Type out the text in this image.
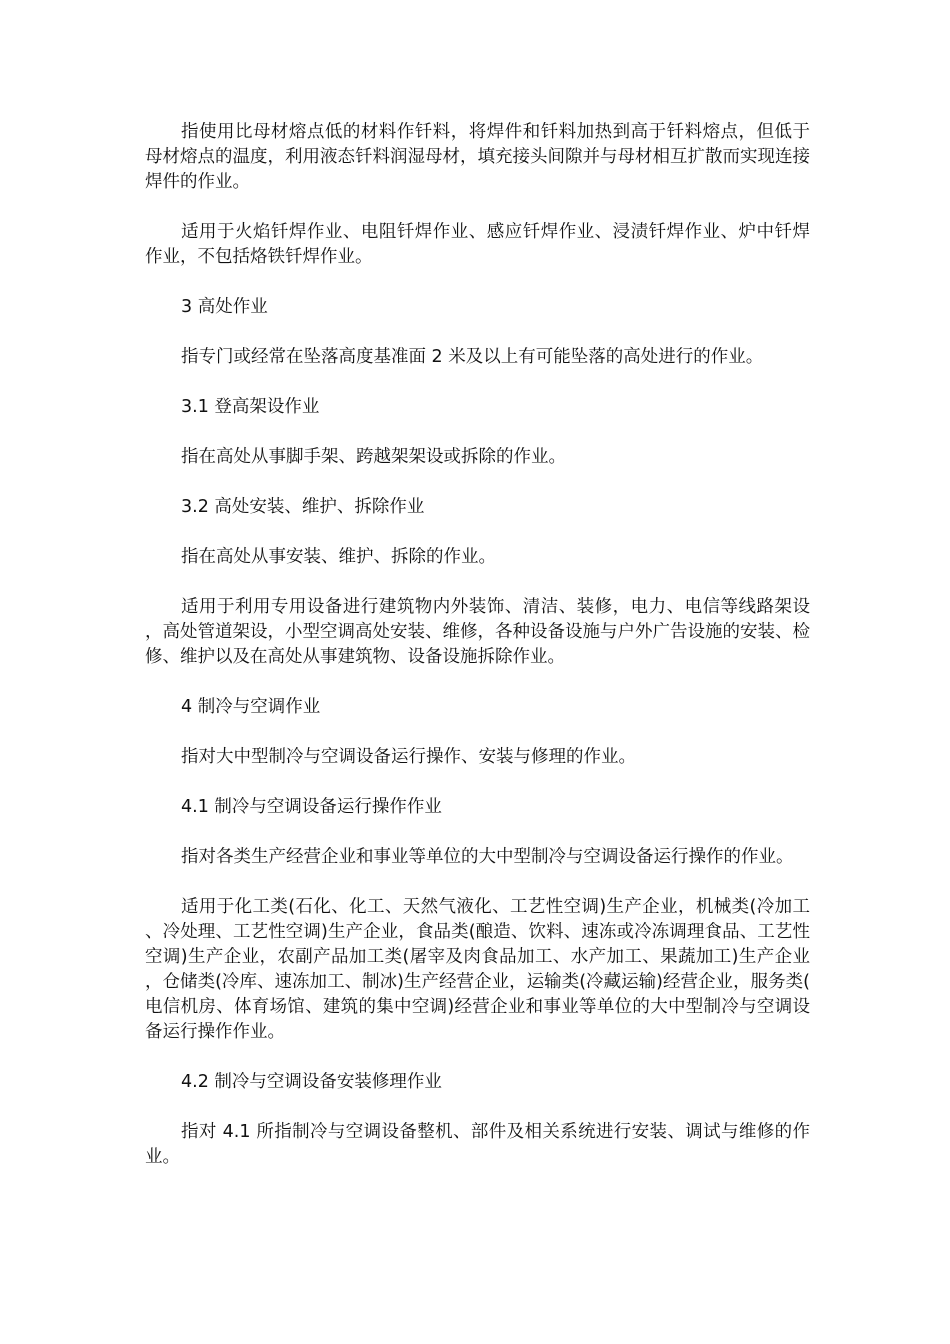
指使用比母材熔点低的材料作钎料，将焊件和钎料加热到高于钎料熔点，但低于母材熔点的温度，利用液态钎料润湿母材，填充接头间隙并与母材相互扩散而实现连接焊件的作业。

适用于火焰钎焊作业、电阻钎焊作业、感应钎焊作业、浸渍钎焊作业、炉中钎焊作业，不包括烙铁钎焊作业。

3 高处作业

指专门或经常在坠落高度基准面 2 米及以上有可能坠落的高处进行的作业。

3.1 登高架设作业

指在高处从事脚手架、跨越架架设或拆除的作业。

3.2 高处安装、维护、拆除作业

指在高处从事安装、维护、拆除的作业。

适用于利用专用设备进行建筑物内外装饰、清洁、装修，电力、电信等线路架设，高处管道架设，小型空调高处安装、维修，各种设备设施与户外广告设施的安装、检修、维护以及在高处从事建筑物、设备设施拆除作业。

4 制冷与空调作业

指对大中型制冷与空调设备运行操作、安装与修理的作业。

4.1 制冷与空调设备运行操作作业

指对各类生产经营企业和事业等单位的大中型制冷与空调设备运行操作的作业。

适用于化工类(石化、化工、天然气液化、工艺性空调)生产企业，机械类(冷加工、冷处理、工艺性空调)生产企业，食品类(酿造、饮料、速冻或冷冻调理食品、工艺性空调)生产企业，农副产品加工类(屠宰及肉食品加工、水产加工、果蔬加工)生产企业，仓储类(冷库、速冻加工、制冰)生产经营企业，运输类(冷藏运输)经营企业，服务类(电信机房、体育场馆、建筑的集中空调)经营企业和事业等单位的大中型制冷与空调设备运行操作作业。

4.2 制冷与空调设备安装修理作业

指对 4.1 所指制冷与空调设备整机、部件及相关系统进行安装、调试与维修的作业。
